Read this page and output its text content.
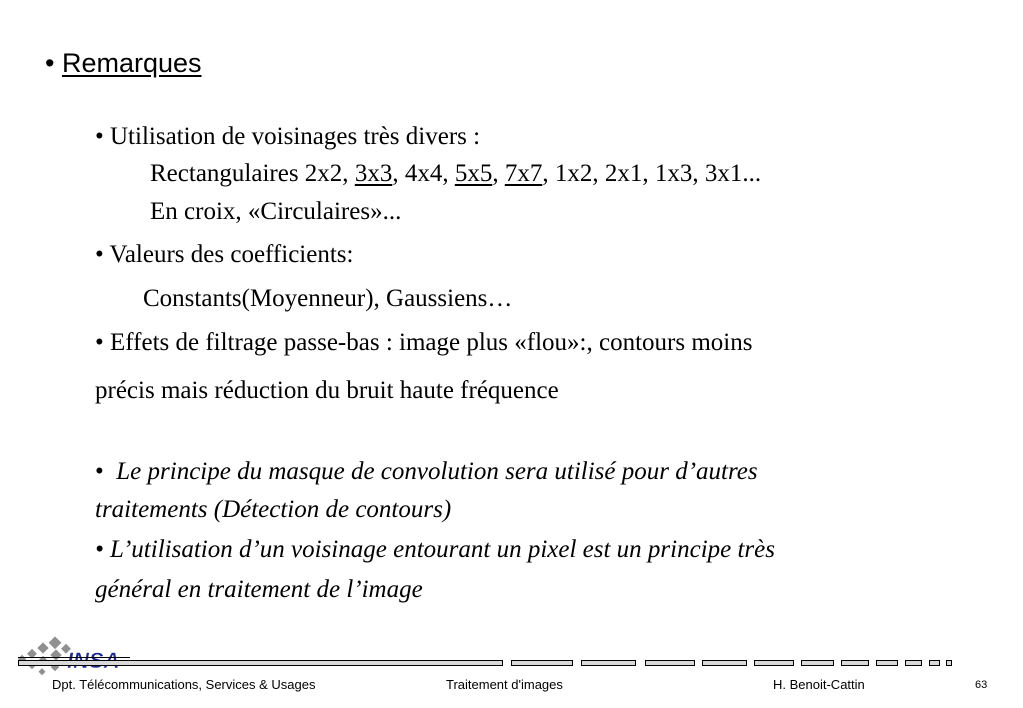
• Remarques
• Utilisation de voisinages très divers :
Rectangulaires 2x2, 3x3, 4x4, 5x5, 7x7, 1x2, 2x1, 1x3, 3x1...
En croix, «Circulaires»...
• Valeurs des coefficients:
Constants(Moyenneur), Gaussiens…
• Effets de filtrage passe-bas : image plus «flou»:, contours moins
précis mais réduction du bruit haute fréquence
• Le principe du masque de convolution sera utilisé pour d’autres
traitements (Détection de contours)
• L’utilisation d’un voisinage entourant un pixel est un principe très
général en traitement de l’image
Dpt. Télécommunications, Services & Usages	Traitement d'images	H. Benoit-Cattin	63
